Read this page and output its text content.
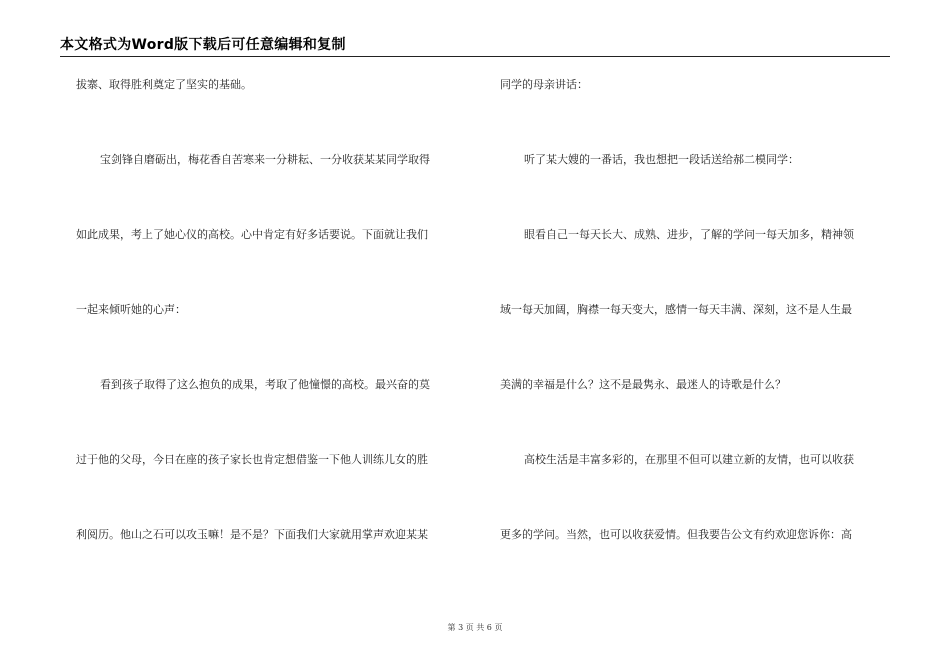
本文格式为Word版下载后可任意编辑和复制
拔寨、取得胜利奠定了坚实的基础。
宝剑锋自磨砺出，梅花香自苦寒来一分耕耘、一分收获某某同学取得
如此成果，考上了她心仪的高校。心中肯定有好多话要说。下面就让我们
一起来倾听她的心声：
看到孩子取得了这么抱负的成果，考取了他憧憬的高校。最兴奋的莫
过于他的父母，今日在座的孩子家长也肯定想借鉴一下他人训练儿女的胜
利阅历。他山之石可以攻玉嘛！是不是？下面我们大家就用掌声欢迎某某
同学的母亲讲话：
听了某大嫂的一番话，我也想把一段话送给郝二模同学：
眼看自己一每天长大、成熟、进步，了解的学问一每天加多，精神领
域一每天加阔，胸襟一每天变大，感情一每天丰满、深刻，这不是人生最
美满的幸福是什么？这不是最隽永、最迷人的诗歌是什么？
高校生活是丰富多彩的，在那里不但可以建立新的友情，也可以收获
更多的学问。当然，也可以收获爱情。但我要告公文有约欢迎您诉你：高
第 3 页 共 6 页
